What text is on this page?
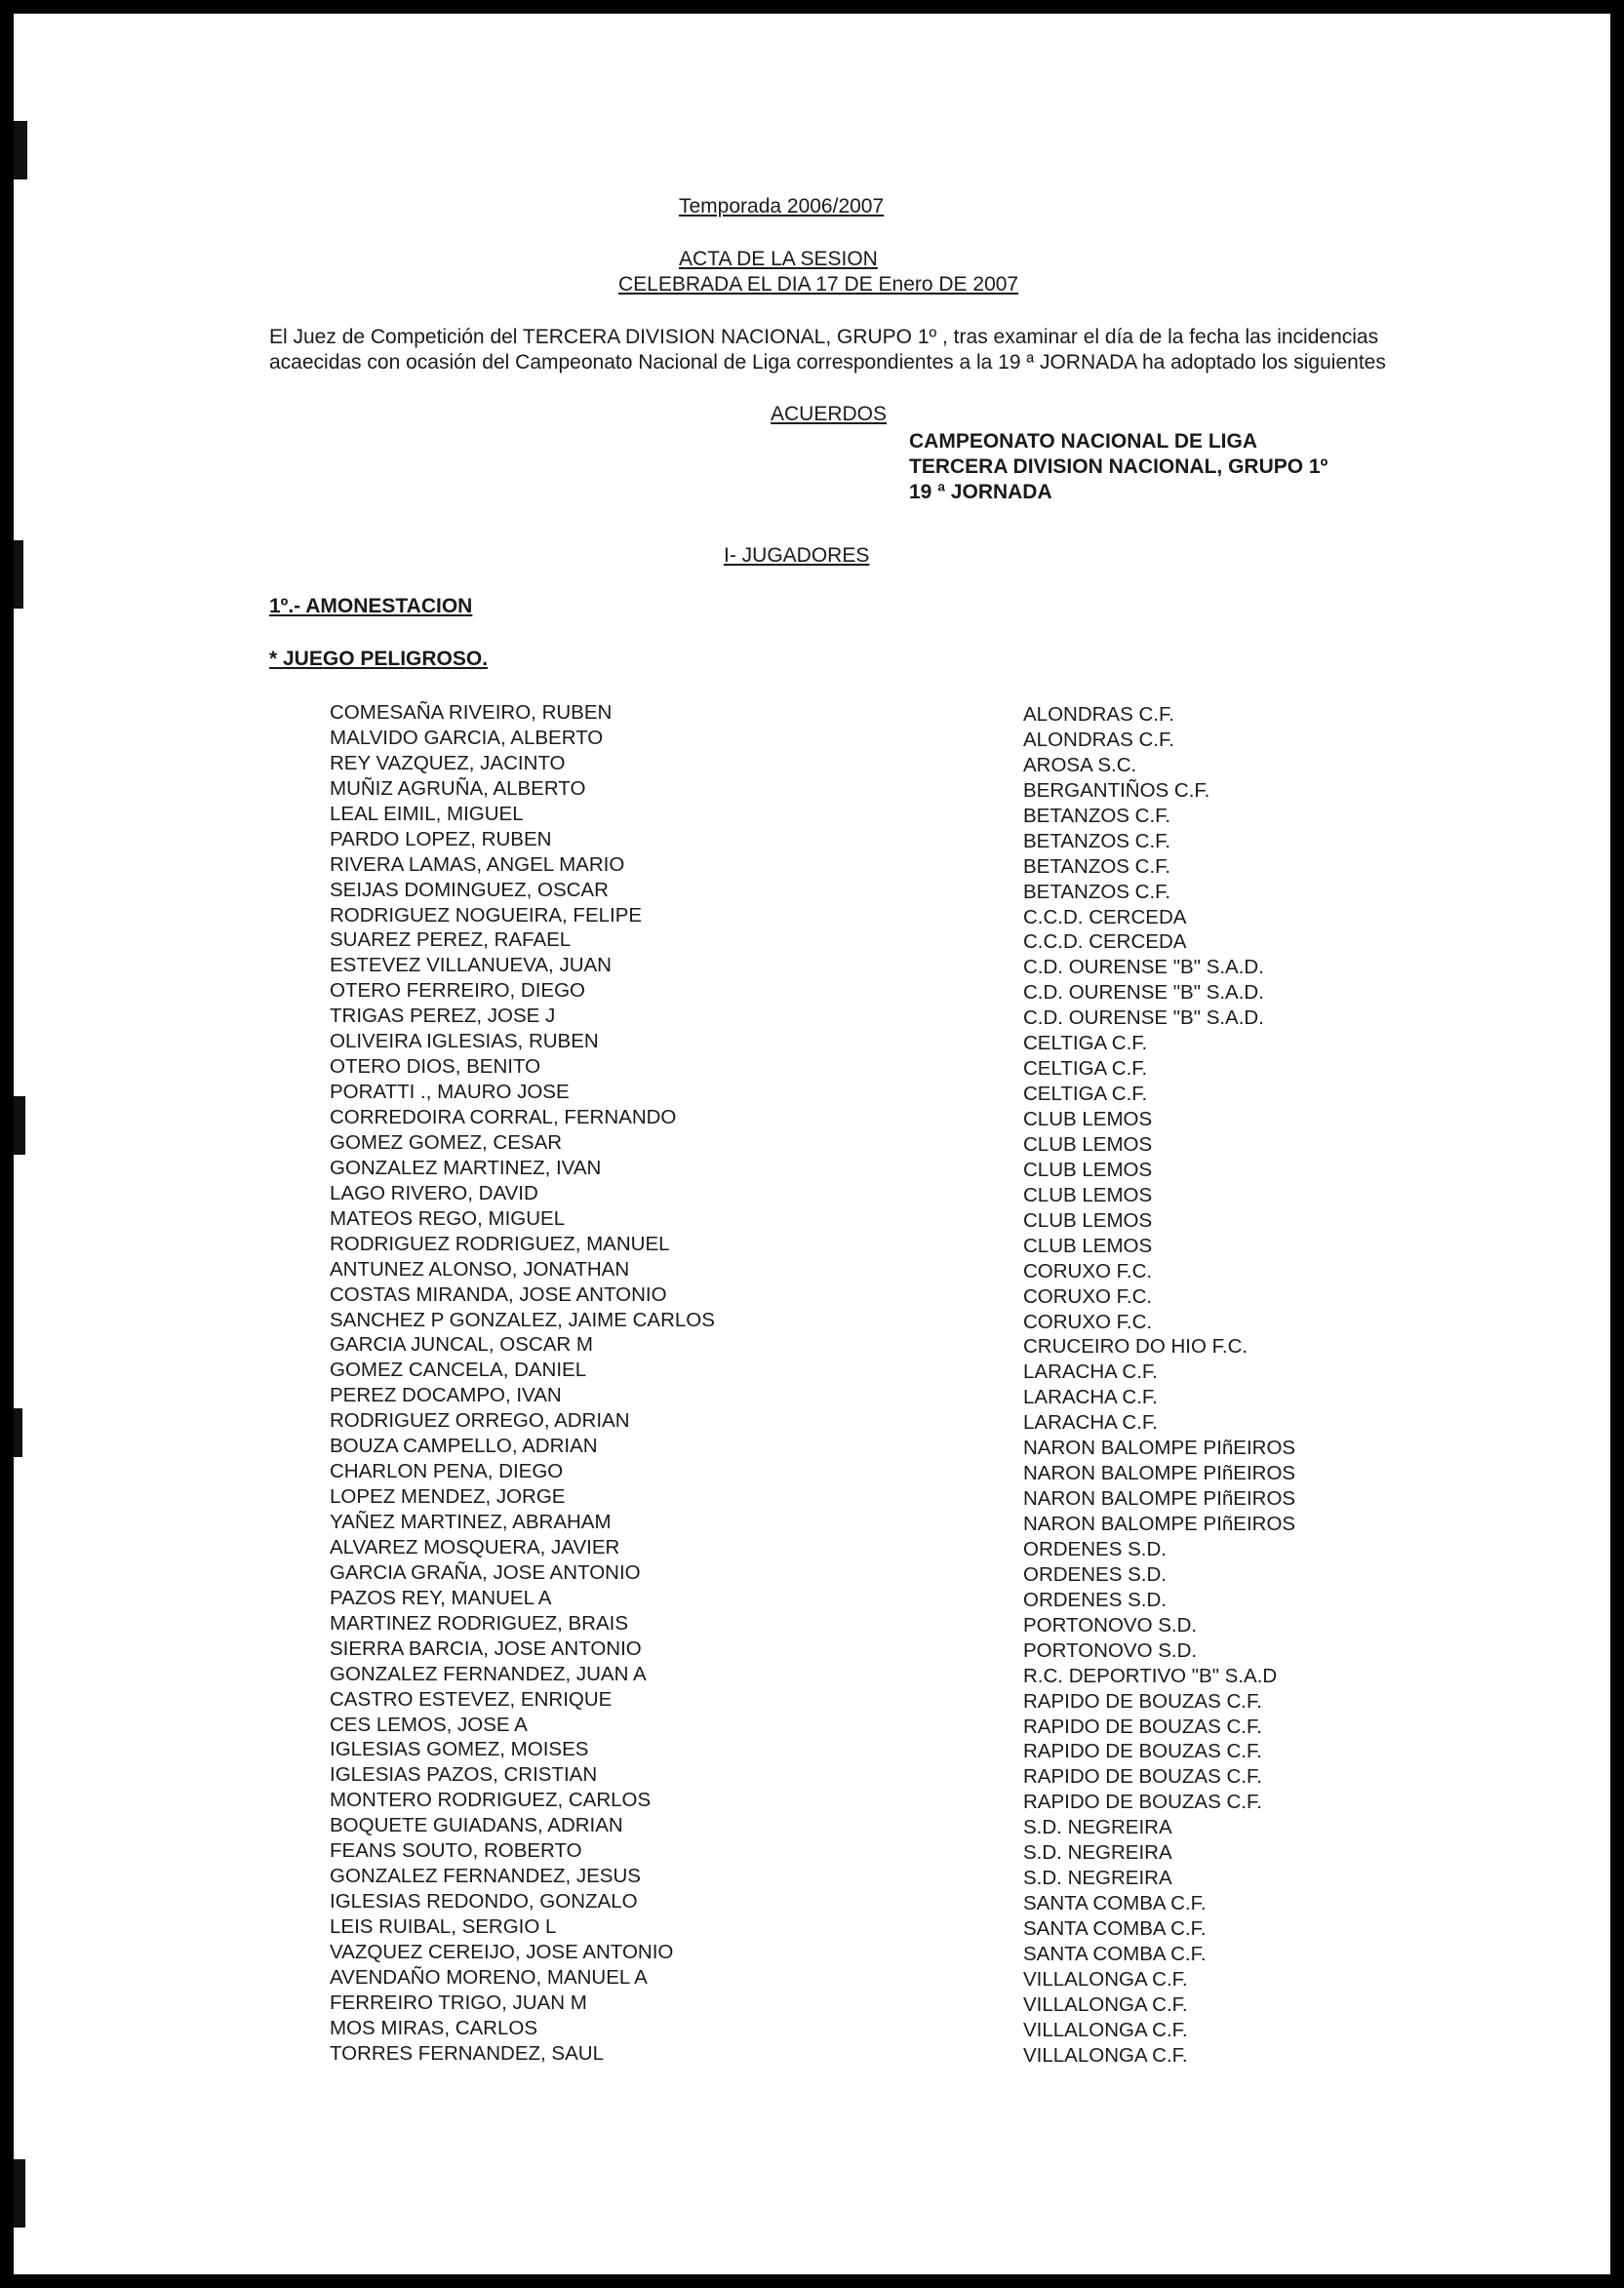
Temporada 2006/2007
ACTA DE LA SESION
CELEBRADA EL DIA 17 DE Enero DE 2007
El Juez de Competición del TERCERA DIVISION NACIONAL, GRUPO 1º , tras examinar el día de la fecha las incidencias
acaecidas con ocasión del Campeonato Nacional de Liga correspondientes a la 19 ª JORNADA ha adoptado los siguientes
ACUERDOS
CAMPEONATO NACIONAL DE LIGA
TERCERA DIVISION NACIONAL, GRUPO 1º
19 ª JORNADA
I- JUGADORES
1º.- AMONESTACION
* JUEGO PELIGROSO.
COMESAÑA RIVEIRO, RUBEN	ALONDRAS C.F.
MALVIDO GARCIA, ALBERTO	ALONDRAS C.F.
REY VAZQUEZ, JACINTO	AROSA S.C.
MUÑIZ AGRUÑA, ALBERTO	BERGANTIÑOS C.F.
LEAL EIMIL, MIGUEL	BETANZOS C.F.
PARDO LOPEZ, RUBEN	BETANZOS C.F.
RIVERA LAMAS, ANGEL MARIO	BETANZOS C.F.
SEIJAS DOMINGUEZ, OSCAR	BETANZOS C.F.
RODRIGUEZ NOGUEIRA, FELIPE	C.C.D. CERCEDA
SUAREZ PEREZ, RAFAEL	C.C.D. CERCEDA
ESTEVEZ VILLANUEVA, JUAN	C.D. OURENSE "B" S.A.D.
OTERO FERREIRO, DIEGO	C.D. OURENSE "B" S.A.D.
TRIGAS PEREZ, JOSE J	C.D. OURENSE "B" S.A.D.
OLIVEIRA IGLESIAS, RUBEN	CELTIGA C.F.
OTERO DIOS, BENITO	CELTIGA C.F.
PORATTI ., MAURO JOSE	CELTIGA C.F.
CORREDOIRA CORRAL, FERNANDO	CLUB LEMOS
GOMEZ GOMEZ, CESAR	CLUB LEMOS
GONZALEZ MARTINEZ, IVAN	CLUB LEMOS
LAGO RIVERO, DAVID	CLUB LEMOS
MATEOS REGO, MIGUEL	CLUB LEMOS
RODRIGUEZ RODRIGUEZ, MANUEL	CLUB LEMOS
ANTUNEZ ALONSO, JONATHAN	CORUXO F.C.
COSTAS MIRANDA, JOSE ANTONIO	CORUXO F.C.
SANCHEZ P GONZALEZ, JAIME CARLOS	CORUXO F.C.
GARCIA JUNCAL, OSCAR M	CRUCEIRO DO HIO F.C.
GOMEZ CANCELA, DANIEL	LARACHA C.F.
PEREZ DOCAMPO, IVAN	LARACHA C.F.
RODRIGUEZ ORREGO, ADRIAN	LARACHA C.F.
BOUZA CAMPELLO, ADRIAN	NARON BALOMPE PIñEIROS
CHARLON PENA, DIEGO	NARON BALOMPE PIñEIROS
LOPEZ MENDEZ, JORGE	NARON BALOMPE PIñEIROS
YAÑEZ MARTINEZ, ABRAHAM	NARON BALOMPE PIñEIROS
ALVAREZ MOSQUERA, JAVIER	ORDENES S.D.
GARCIA GRAÑA, JOSE ANTONIO	ORDENES S.D.
PAZOS REY, MANUEL A	ORDENES S.D.
MARTINEZ RODRIGUEZ, BRAIS	PORTONOVO S.D.
SIERRA BARCIA, JOSE ANTONIO	PORTONOVO S.D.
GONZALEZ FERNANDEZ, JUAN A	R.C. DEPORTIVO "B" S.A.D
CASTRO ESTEVEZ, ENRIQUE	RAPIDO DE BOUZAS C.F.
CES LEMOS, JOSE A	RAPIDO DE BOUZAS C.F.
IGLESIAS GOMEZ, MOISES	RAPIDO DE BOUZAS C.F.
IGLESIAS PAZOS, CRISTIAN	RAPIDO DE BOUZAS C.F.
MONTERO RODRIGUEZ, CARLOS	RAPIDO DE BOUZAS C.F.
BOQUETE GUIADANS, ADRIAN	S.D. NEGREIRA
FEANS SOUTO, ROBERTO	S.D. NEGREIRA
GONZALEZ FERNANDEZ, JESUS	S.D. NEGREIRA
IGLESIAS REDONDO, GONZALO	SANTA COMBA C.F.
LEIS RUIBAL, SERGIO L	SANTA COMBA C.F.
VAZQUEZ CEREIJO, JOSE ANTONIO	SANTA COMBA C.F.
AVENDAÑO MORENO, MANUEL A	VILLALONGA C.F.
FERREIRO TRIGO, JUAN M	VILLALONGA C.F.
MOS MIRAS, CARLOS	VILLALONGA C.F.
TORRES FERNANDEZ, SAUL	VILLALONGA C.F.
